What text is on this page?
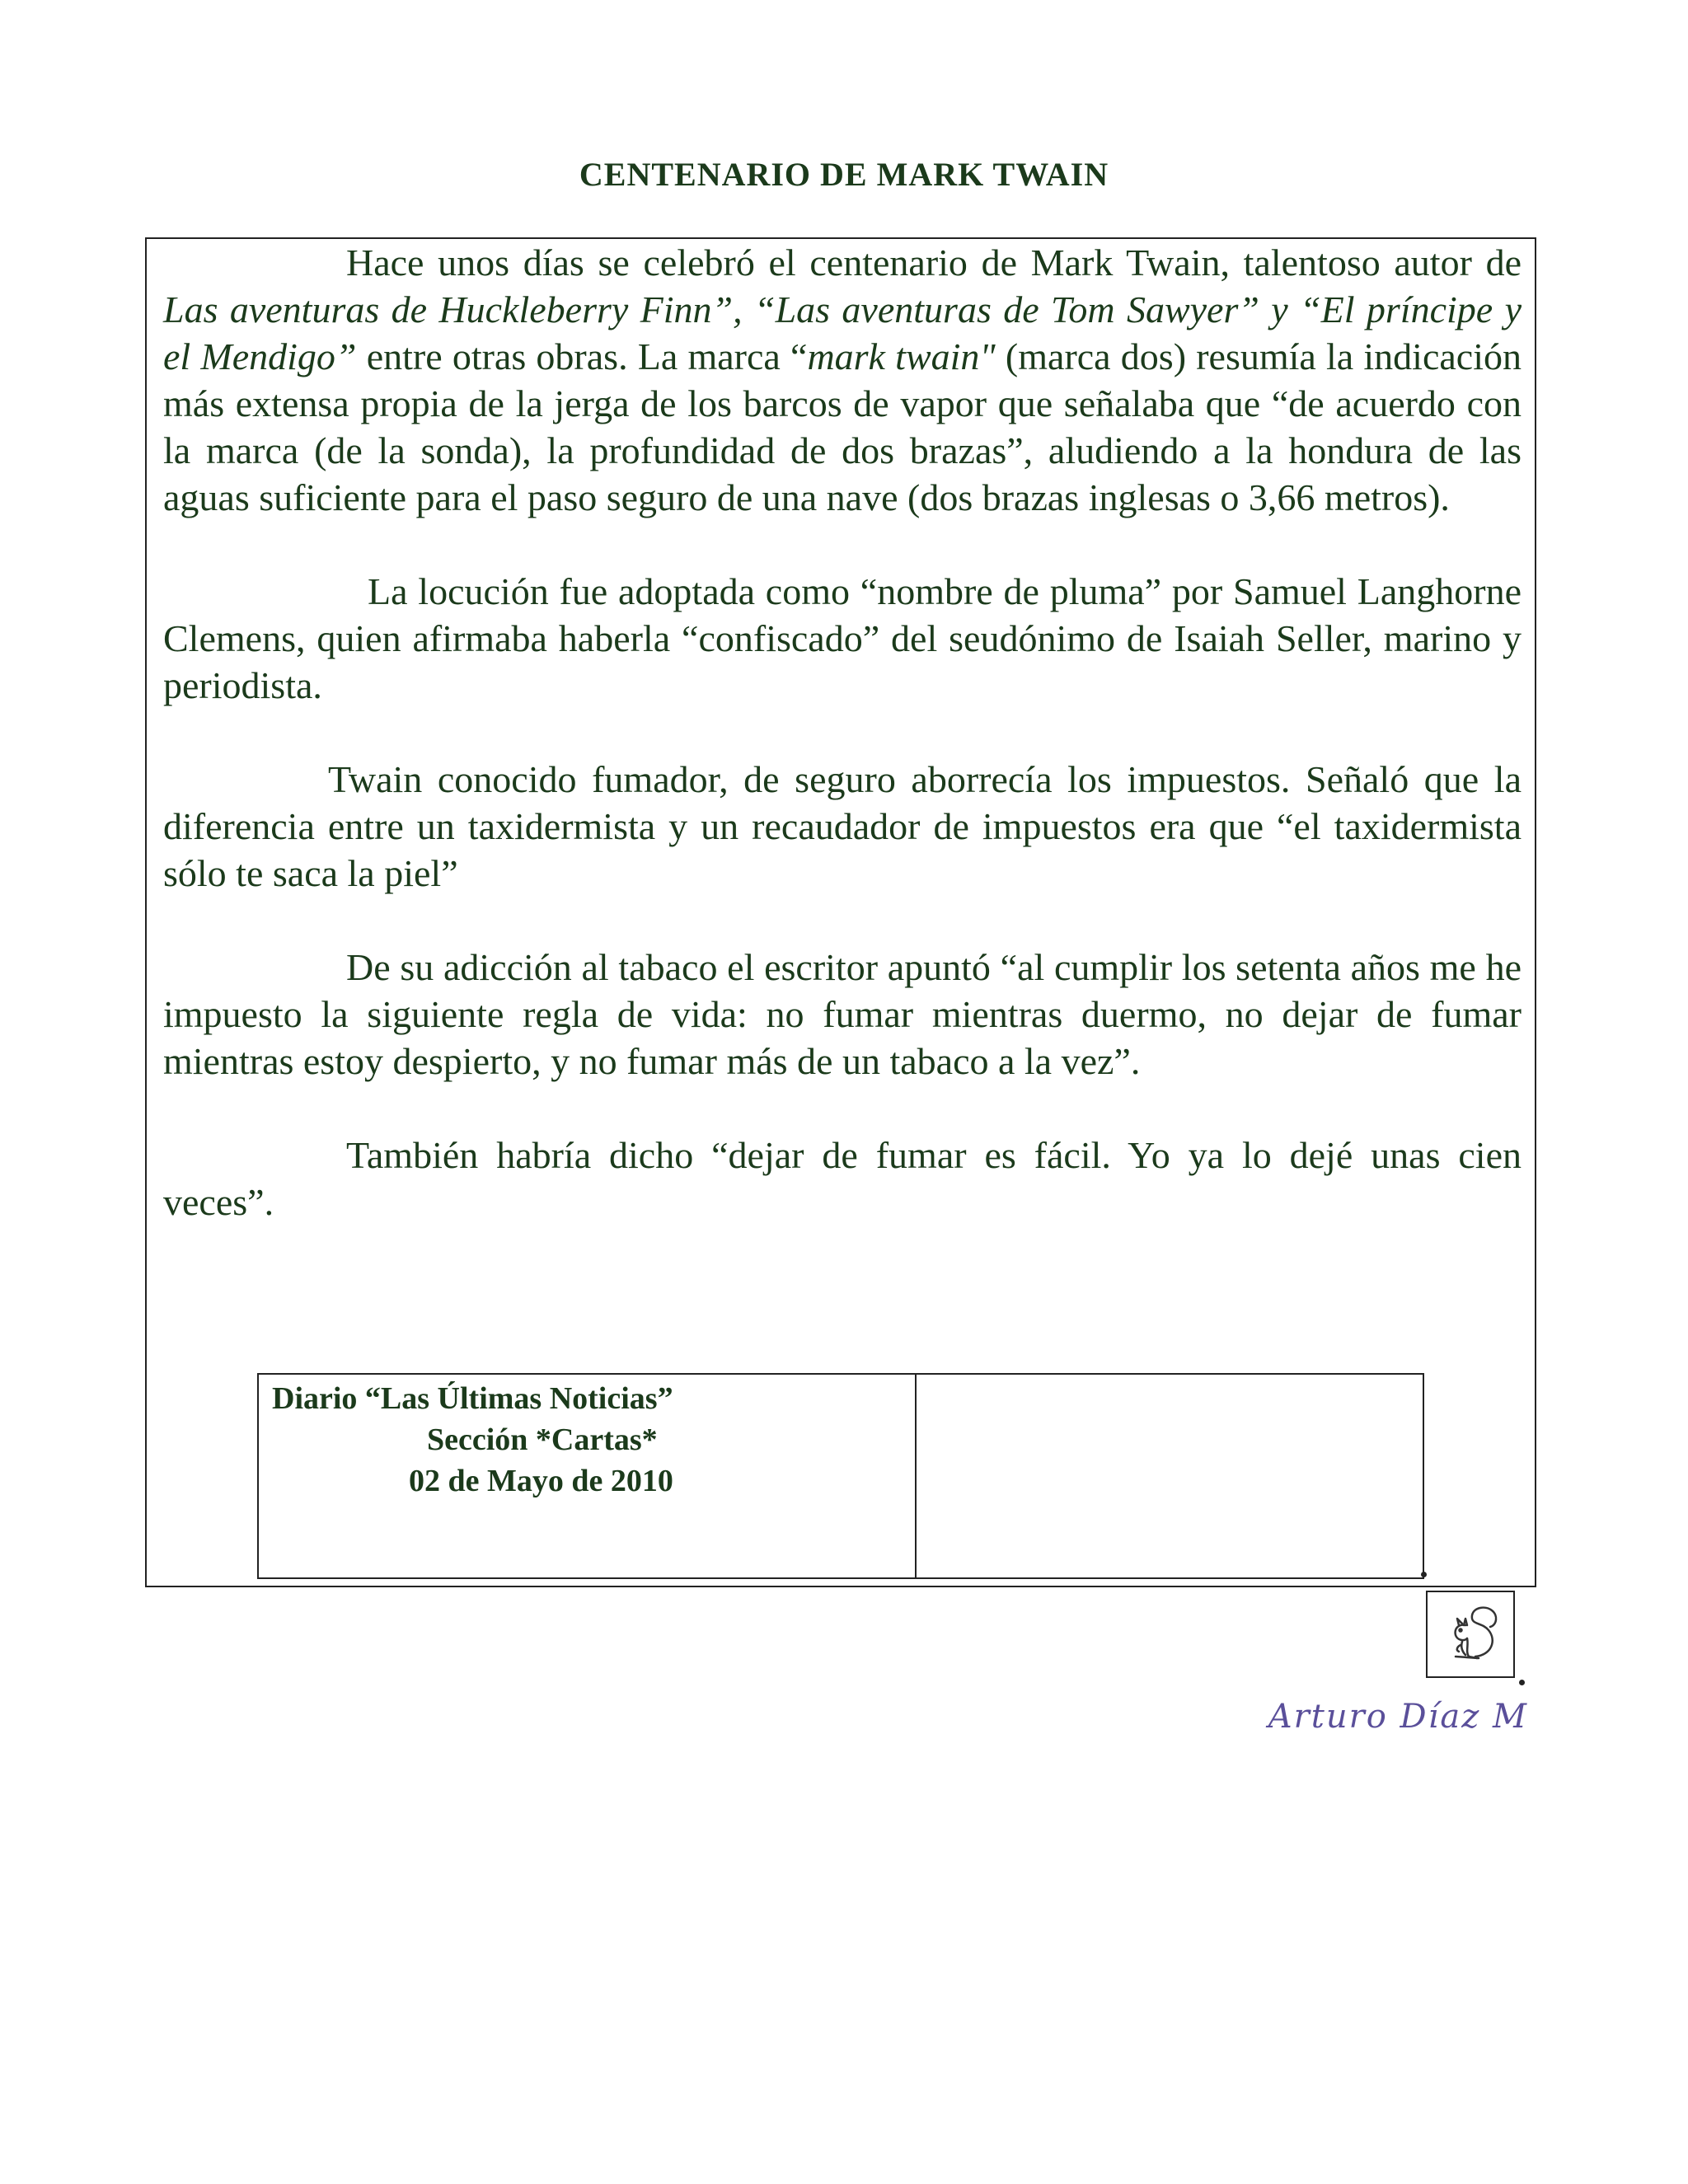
CENTENARIO DE MARK TWAIN

Hace unos días se celebró el centenario de Mark Twain, talentoso autor de Las aventuras de Huckleberry Finn”, “Las aventuras de Tom Sawyer” y “El príncipe y el Mendigo” entre otras obras. La marca “mark twain" (marca dos) resumía la indicación más extensa propia de la jerga de los barcos de vapor que señalaba que “de acuerdo con la marca (de la sonda), la profundidad de dos brazas”, aludiendo a la hondura de las aguas suficiente para el paso seguro de una nave (dos brazas inglesas o 3,66 metros).

La locución fue adoptada como “nombre de pluma” por Samuel Langhorne Clemens, quien afirmaba haberla “confiscado” del seudónimo de Isaiah Seller, marino y periodista.

Twain conocido fumador, de seguro aborrecía los impuestos. Señaló que la diferencia entre un taxidermista y un recaudador de impuestos era que “el taxidermista sólo te saca la piel”

De su adicción al tabaco el escritor apuntó “al cumplir los setenta años me he impuesto la siguiente regla de vida: no fumar mientras duermo, no dejar de fumar mientras estoy despierto, y no fumar más de un tabaco a la vez”.

También habría dicho “dejar de fumar es fácil. Yo ya lo dejé unas cien veces”.

Diario “Las Últimas Noticias”
Sección *Cartas*
02 de Mayo de 2010
Arturo Díaz M
